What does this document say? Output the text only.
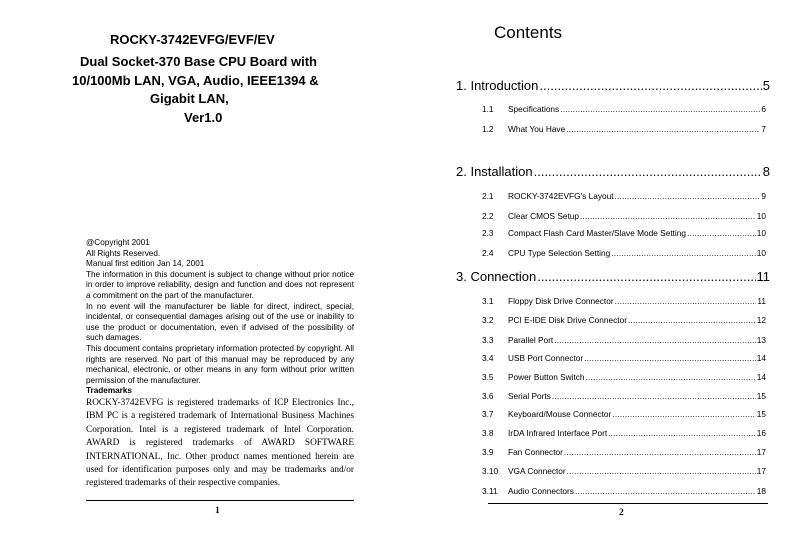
ROCKY-3742EVFG/EVF/EV
Dual Socket-370 Base CPU Board with
10/100Mb LAN, VGA, Audio, IEEE1394 &
Gigabit LAN,
Ver1.0
@Copyright 2001
All Rights Reserved.
Manual first edition Jan 14, 2001
The information in this document is subject to change without prior notice in order to improve reliability, design and function and does not represent a commitment on the part of the manufacturer.
In no event will the manufacturer be liable for direct, indirect, special, incidental, or consequential damages arising out of the use or inability to use the product or documentation, even if advised of the possibility of such damages.
This document contains proprietary information protected by copyright. All rights are reserved. No part of this manual may be reproduced by any mechanical, electronic, or other means in any form without prior written permission of the manufacturer.
Trademarks
ROCKY-3742EVFG is registered trademarks of ICP Electronics Inc., IBM PC is a registered trademark of International Business Machines Corporation. Intel is a registered trademark of Intel Corporation. AWARD is registered trademarks of AWARD SOFTWARE INTERNATIONAL, Inc. Other product names mentioned herein are used for identification purposes only and may be trademarks and/or registered trademarks of their respective companies.
1
Contents
1. Introduction .....	5
1.1 Specifications .....	6
1.2 What You Have .....	7
2. Installation .....	8
2.1 ROCKY-3742EVFG's Layout .....	9
2.2 Clear CMOS Setup .....	10
2.3 Compact Flash Card Master/Slave Mode Setting .....	10
2.4 CPU Type Selection Setting .....	10
3. Connection .....	11
3.1 Floppy Disk Drive Connector .....	11
3.2 PCI E-IDE Disk Drive Connector .....	12
3.3 Parallel Port .....	13
3.4 USB Port Connector .....	14
3.5 Power Button Switch .....	14
3.6 Serial Ports .....	15
3.7 Keyboard/Mouse Connector .....	15
3.8 IrDA Infrared Interface Port .....	16
3.9 Fan Connector .....	17
3.10 VGA Connector .....	17
3.11 Audio Connectors .....	18
2
